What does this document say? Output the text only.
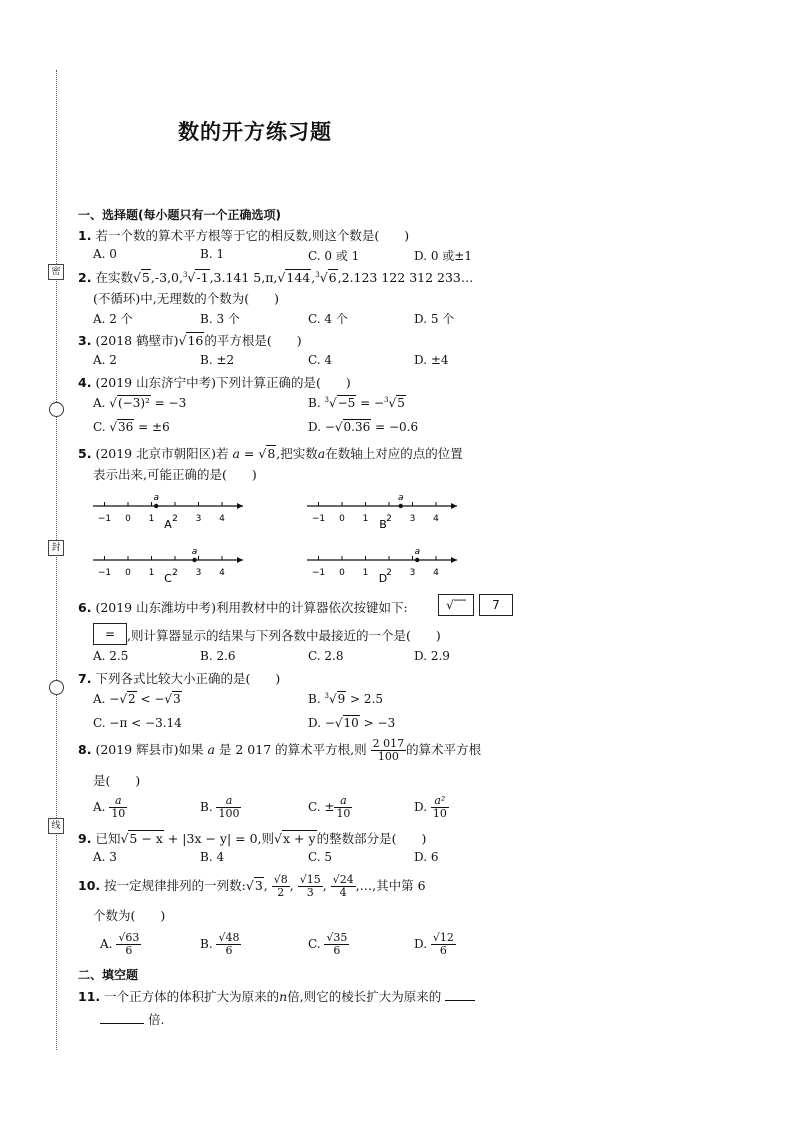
密
封
线
数的开方练习题
一、选择题(每小题只有一个正确选项)
1. 若一个数的算术平方根等于它的相反数,则这个数是(　　)
A. 0	B. 1	C. 0 或 1	D. 0 或±1
2. 在实数√5,-3,0,$^3$√-1,3.141 5,π,√144,$^3$√6,2.123 122 312 233…
(不循环)中,无理数的个数为(　　)
A. 2 个	B. 3 个	C. 4 个	D. 5 个
3. (2018 鹤壁市)√16的平方根是(　　)
A. 2	B. ±2	C. 4	D. ±4
4. (2019 山东济宁中考)下列计算正确的是(　　)
A. √(−3)² = −3	B. $^3$√−5 = −$^3$√5
C. √36 = ±6	D. −√0.36 = −0.6
5. (2019 北京市朝阳区)若 a = √8,把实数a在数轴上对应的点的位置
表示出来,可能正确的是(　　)
−1 0 1 2 3 4
a
−1 0 1 2 3 4
a
−1 0 1 2 3 4
a
−1 0 1 2 3 4
a
A	B
C	D
6. (2019 山东潍坊中考)利用教材中的计算器依次按键如下:	√‾‾	7
= ,则计算器显示的结果与下列各数中最接近的一个是(　　)
A. 2.5	B. 2.6	C. 2.8	D. 2.9
7. 下列各式比较大小正确的是(　　)
A. −√2 < −√3	B. $^3$√9 > 2.5
C. −π < −3.14	D. −√10 > −3
8. (2019 辉县市)如果 a 是 2 017 的算术平方根,则 $\frac{2 017}{100}$ 的算术平方根
是(　　)
A. $\frac{a}{10}$	B. $\frac{a}{100}$	C. ± $\frac{a}{10}$	D. $\frac{\text{a²}}{10}$
9. 已知√5 − x + |3x − y| = 0,则√x + y的整数部分是(　　)
A. 3	B. 4	C. 5	D. 6
10. 按一定规律排列的一列数:√3, $\frac{√8}{2}$ , $\frac{√15}{3}$ , $\frac{√24}{4}$ ,…,其中第 6
个数为(　　)
A. $\frac{√63}{6}$	B. $\frac{√48}{6}$	C. $\frac{√35}{6}$	D. $\frac{√12}{6}$
二、填空题
11. 一个正方体的体积扩大为原来的n倍,则它的棱长扩大为原来的
倍.
